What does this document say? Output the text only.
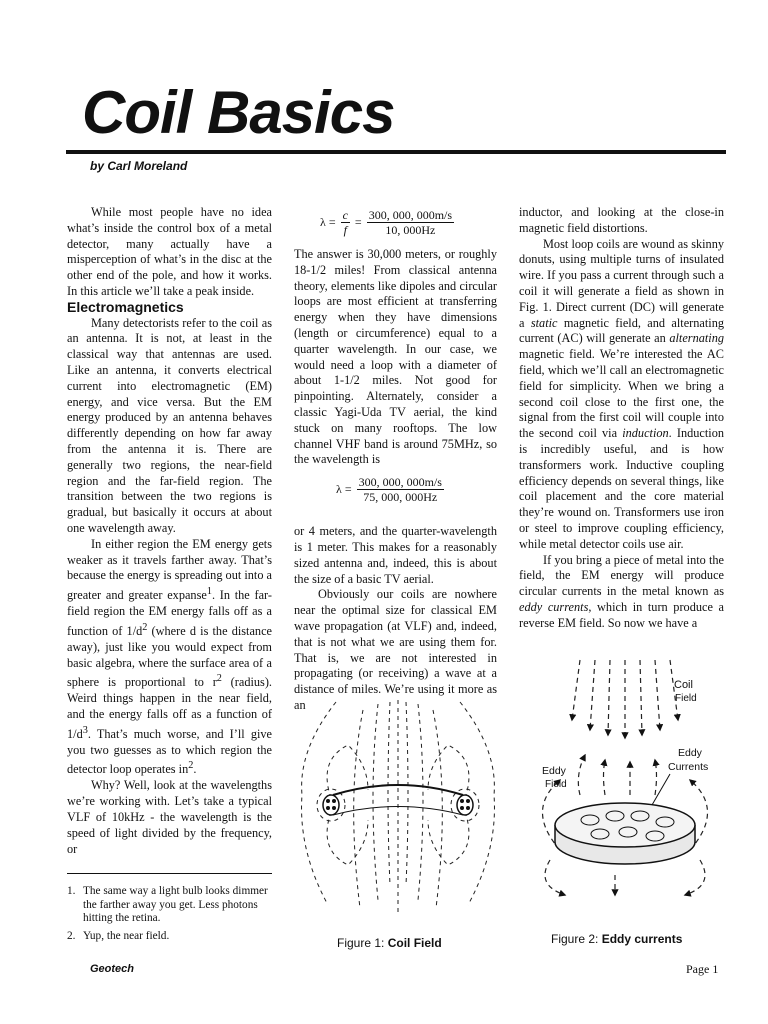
Coil Basics
by Carl Moreland

While most people have no idea what’s inside the control box of a metal detector, many actually have a misperception of what’s in the disc at the other end of the pole, and how it works. In this article we’ll take a peak inside.

Electromagnetics

Many detectorists refer to the coil as an antenna. It is not, at least in the classical way that antennas are used. Like an antenna, it converts electrical current into electromagnetic (EM) energy, and vice versa. But the EM energy produced by an antenna behaves differently depending on how far away from the antenna it is. There are generally two regions, the near-field region and the far-field region. The transition between the two regions is gradual, but basically it occurs at about one wavelength away.

In either region the EM energy gets weaker as it travels farther away. That’s because the energy is spreading out into a greater and greater expanse$^1$. In the far-field region the EM energy falls off as a function of $1/d^2$ (where d is the distance away), just like you would expect from basic algebra, where the surface area of a sphere is proportional to $r^2$ (radius). Weird things happen in the near field, and the energy falls off as a function of $1/d^3$. That’s much worse, and I’ll give you two guesses as to which region the detector loop operates $in^2$.

Why? Well, look at the wavelengths we’re working with. Let’s take a typical VLF of 10kHz - the wavelength is the speed of light divided by the frequency, or

1. The same way a light bulb looks dimmer the farther away you get. Less photons hitting the retina.
2. Yup, the near field.
$\lambda = \frac{c}{f} = \frac{300, 000, 000m/s}{10, 000Hz}$

The answer is 30,000 meters, or roughly 18-1/2 miles! From classical antenna theory, elements like dipoles and circular loops are most efficient at transferring energy when they have dimensions (length or circumference) equal to a quarter wavelength. In our case, we would need a loop with a diameter of about 1-1/2 miles. Not good for pinpointing. Alternately, consider a classic Yagi-Uda TV aerial, the kind stuck on many rooftops. The low channel VHF band is around 75MHz, so the wavelength is

or 4 meters, and the quarter-wavelength is 1 meter. This makes for a reasonably sized antenna and, indeed, this is about the size of a basic TV aerial.

Obviously our coils are nowhere near the optimal size for classical EM wave propagation (at VLF) and, indeed, that is not what we are using them for. That is, we are not interested in propagating (or receiving) a wave at a distance of miles. We’re using it more as an

$\lambda = \frac{300, 000, 000m/s}{75, 000, 000Hz}$

inductor, and looking at the close-in magnetic field distortions.

Most loop coils are wound as skinny donuts, using multiple turns of insulated wire. If you pass a current through such a coil it will generate a field as shown in Fig. 1. Direct current (DC) will generate a static magnetic field, and alternating current (AC) will generate an alternating magnetic field. We’re interested the AC field, which we’ll call an electromagnetic field for simplicity. When we bring a second coil close to the first one, the signal from the first coil will couple into the second coil via induction. Induction is incredibly useful, and is how transformers work. Inductive coupling efficiency depends on several things, like coil placement and the core material they’re wound on. Transformers use iron or steel to improve coupling efficiency, while metal detector coils use air.

If you bring a piece of metal into the field, the EM energy will produce circular currents in the metal known as eddy currents, which in turn produce a reverse EM field. So now we have a

Figure 1: Coil Field
Coil
Field
Eddy
Field
Eddy
Currents
Figure 2: Eddy currents
Geotech	Page 1
